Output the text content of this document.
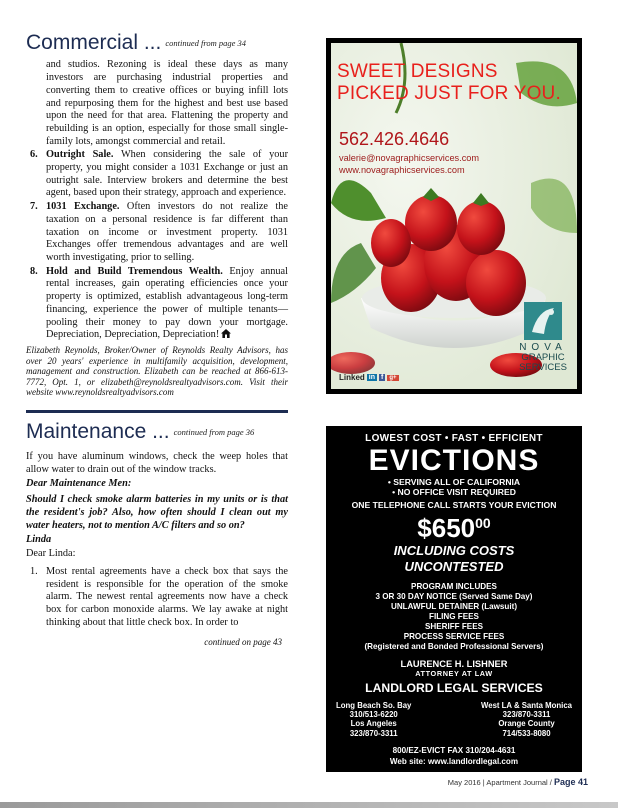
Commercial ... continued from page 34
and studios. Rezoning is ideal these days as many investors are purchasing industrial properties and converting them to creative offices or buying infill lots and repurposing them for the highest and best use based upon the need for that area. Flattening the property and rebuilding is an option, especially for those small single-family lots, amongst commercial and retail.
6. Outright Sale. When considering the sale of your property, you might consider a 1031 Exchange or just an outright sale. Interview brokers and determine the best agent, based upon their strategy, approach and experience.
7. 1031 Exchange. Often investors do not realize the taxation on a personal residence is far different than taxation on income or investment property. 1031 Exchanges offer tremendous advantages and are well worth investigating, prior to selling.
8. Hold and Build Tremendous Wealth. Enjoy annual rental increases, gain operating efficiencies once your property is optimized, establish advantageous long-term financing, experience the power of multiple tenants—pooling their money to pay down your mortgage. Depreciation, Depreciation, Depreciation!
Elizabeth Reynolds, Broker/Owner of Reynolds Realty Advisors, has over 20 years' experience in multifamily acquisition, development, management and construction. Elizabeth can be reached at 866-613-7772, Opt. 1, or elizabeth@reynoldsrealtyadvisors.com. Visit their website www.reynoldsrealtyadvisors.com
Maintenance ... continued from page 36
If you have aluminum windows, check the weep holes that allow water to drain out of the window tracks.
Dear Maintenance Men:
Should I check smoke alarm batteries in my units or is that the resident's job? Also, how often should I clean out my water heaters, not to mention A/C filters and so on?
Linda
Dear Linda:
1. Most rental agreements have a check box that says the resident is responsible for the operation of the smoke alarm. The newest rental agreements now have a check box for carbon monoxide alarms. We lay awake at night thinking about that little check box. In order to
continued on page 43
SWEET DESIGNS
PICKED JUST FOR YOU.
562.426.4646
valerie@novagraphicservices.com
www.novagraphicservices.com
Linked in f	g+
NOVA
GRAPHIC
SERVICES
LOWEST COST • FAST • EFFICIENT
EVICTIONS
• SERVING ALL OF CALIFORNIA
• NO OFFICE VISIT REQUIRED
ONE TELEPHONE CALL STARTS YOUR EVICTION
$\$650^{00}$
INCLUDING COSTS
UNCONTESTED
PROGRAM INCLUDES
3 OR 30 DAY NOTICE (Served Same Day)
UNLAWFUL DETAINER (Lawsuit)
FILING FEES
SHERIFF FEES
PROCESS SERVICE FEES
(Registered and Bonded Professional Servers)
LAURENCE H. LISHNER
ATTORNEY AT LAW
LANDLORD LEGAL SERVICES
Long Beach So. Bay
310/513-6220
Los Angeles
323/870-3311
West LA & Santa Monica
323/870-3311
Orange County
714/533-8080
800/EZ-EVICT FAX 310/204-4631
Web site: www.landlordlegal.com
May 2016 | Apartment Journal / Page 41
